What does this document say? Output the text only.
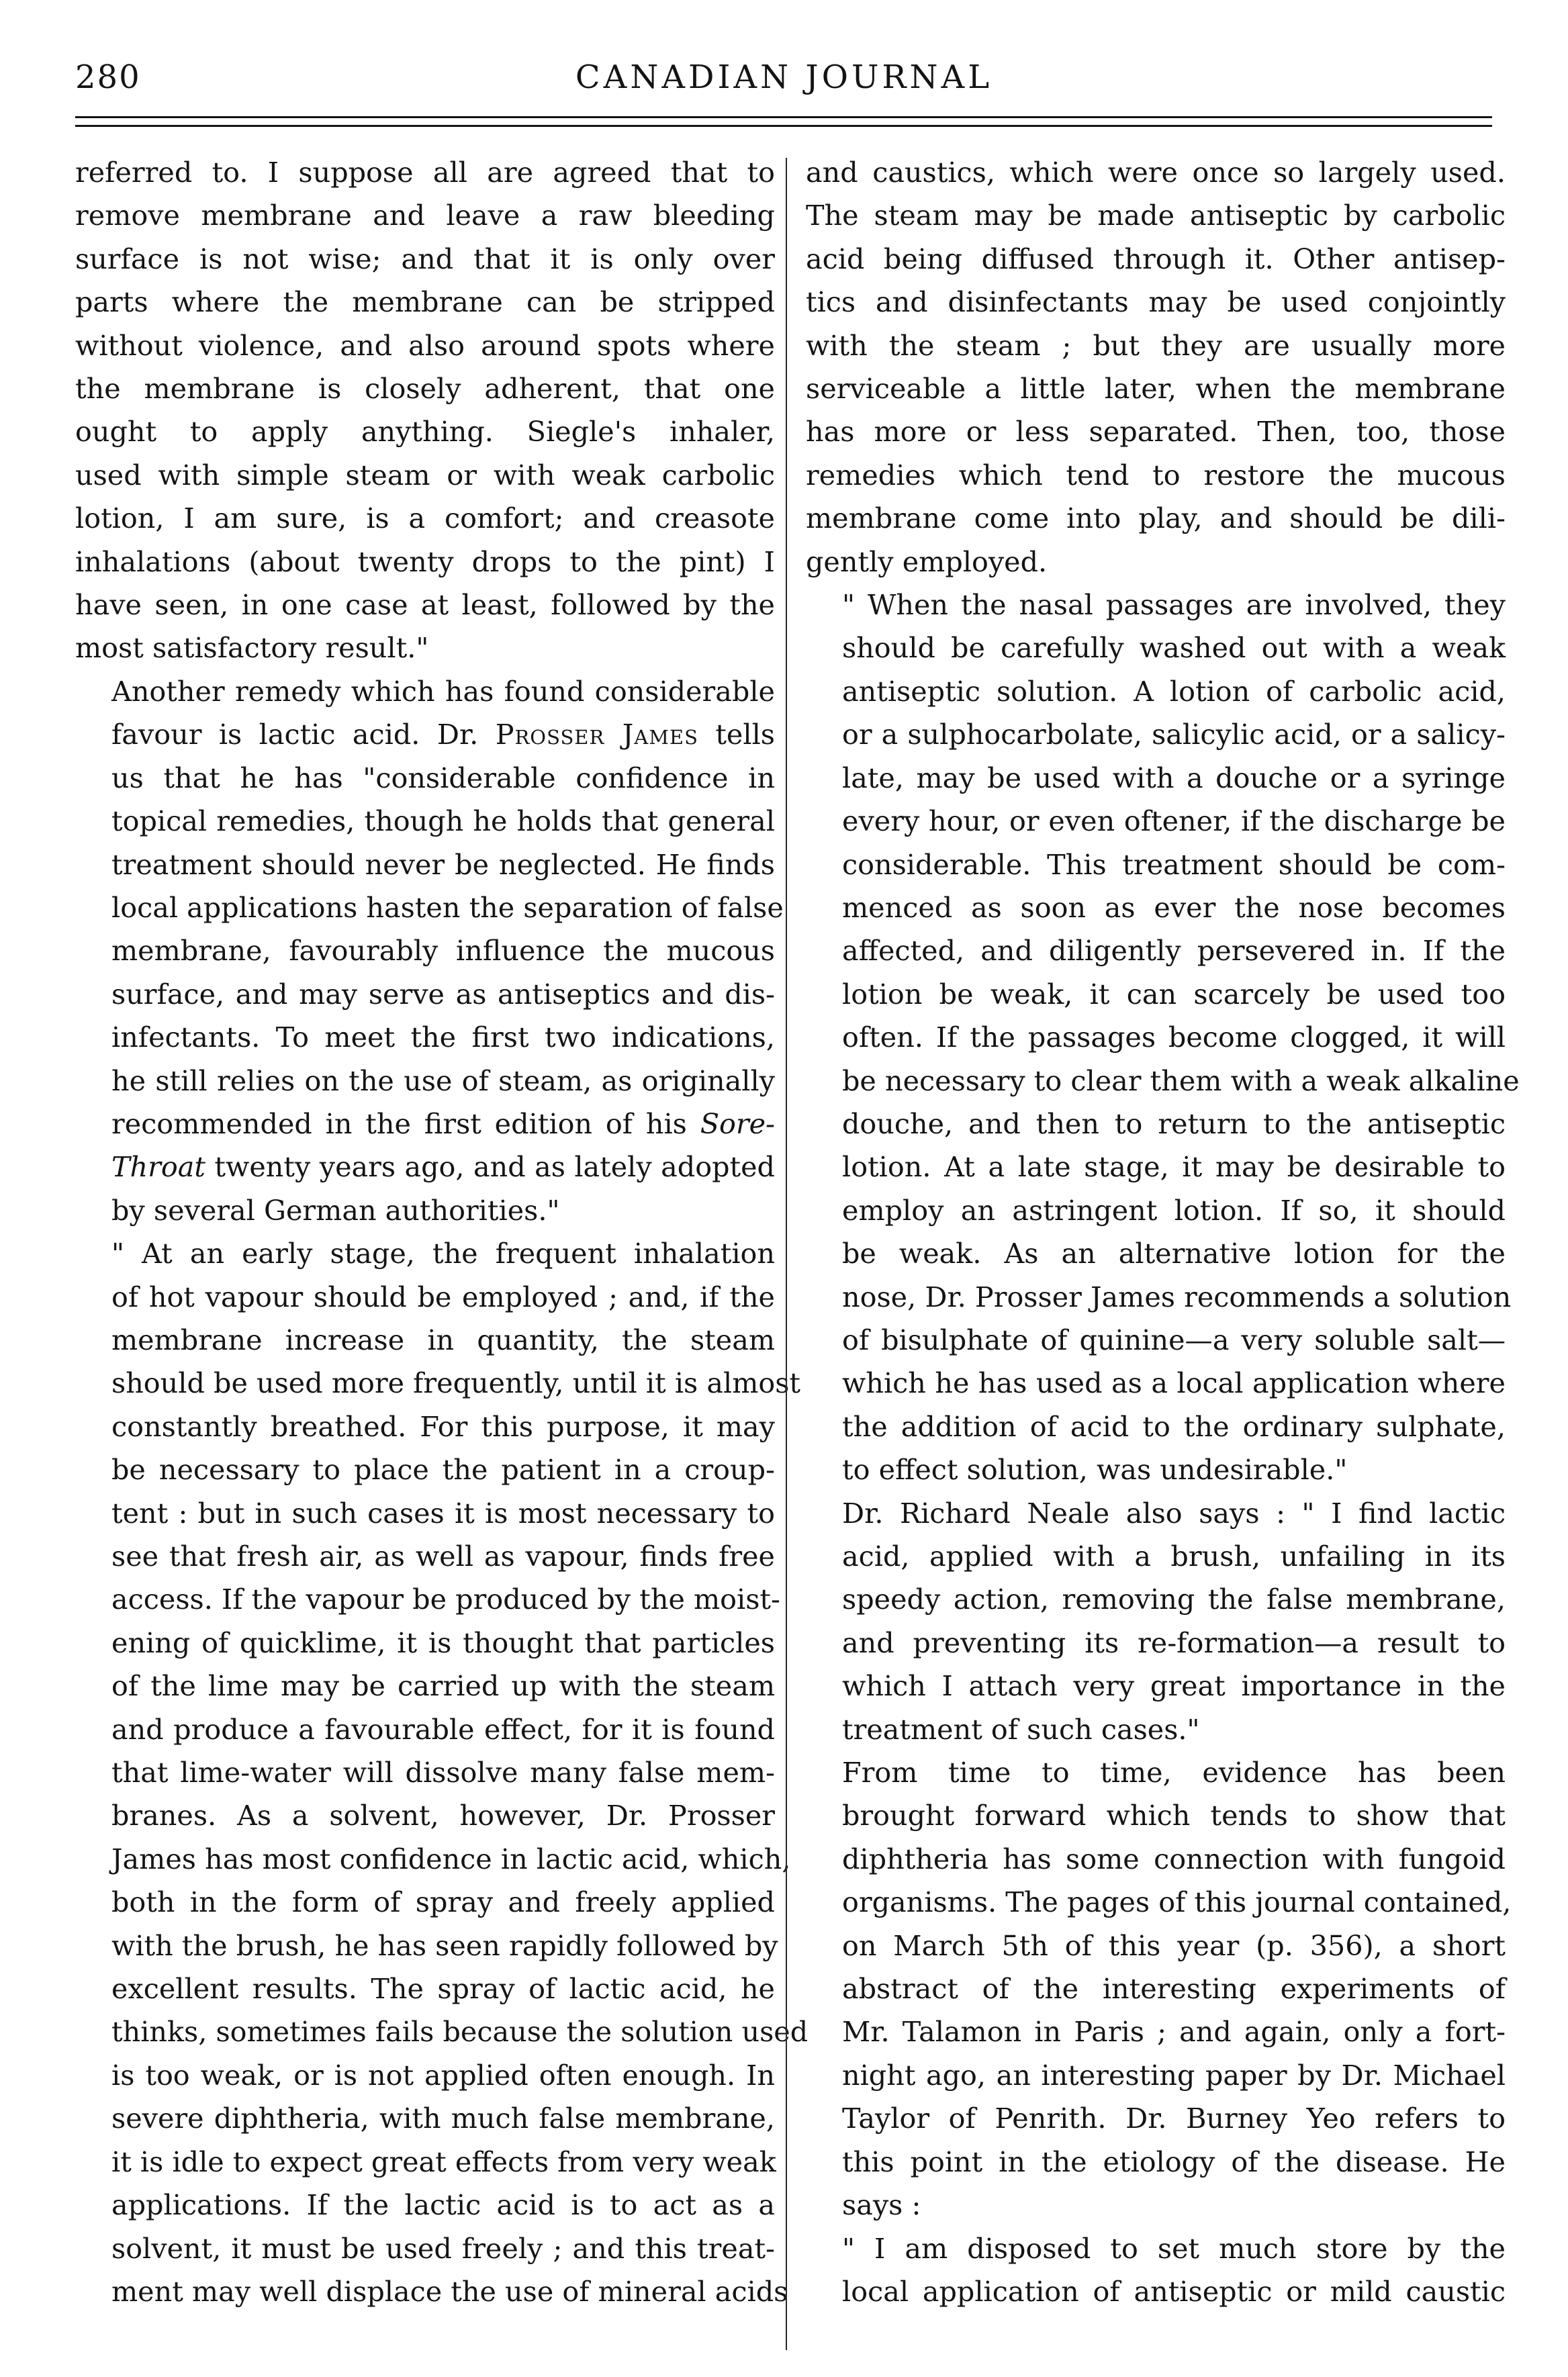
280	CANADIAN JOURNAL

referred to. I suppose all are agreed that to
remove membrane and leave a raw bleeding
surface is not wise; and that it is only over
parts where the membrane can be stripped
without violence, and also around spots where
the membrane is closely adherent, that one
ought to apply anything. Siegle's inhaler,
used with simple steam or with weak carbolic
lotion, I am sure, is a comfort; and creasote
inhalations (about twenty drops to the pint) I
have seen, in one case at least, followed by the
most satisfactory result."

Another remedy which has found considerable
favour is lactic acid. Dr. Prosser James tells
us that he has "considerable confidence in
topical remedies, though he holds that general
treatment should never be neglected. He finds
local applications hasten the separation of false
membrane, favourably influence the mucous
surface, and may serve as antiseptics and dis-
infectants. To meet the first two indications,
he still relies on the use of steam, as originally
recommended in the first edition of his Sore-
Throat twenty years ago, and as lately adopted
by several German authorities."

" At an early stage, the frequent inhalation
of hot vapour should be employed ; and, if the
membrane increase in quantity, the steam
should be used more frequently, until it is almost
constantly breathed. For this purpose, it may
be necessary to place the patient in a croup-
tent : but in such cases it is most necessary to
see that fresh air, as well as vapour, finds free
access. If the vapour be produced by the moist-
ening of quicklime, it is thought that particles
of the lime may be carried up with the steam
and produce a favourable effect, for it is found
that lime-water will dissolve many false mem-
branes. As a solvent, however, Dr. Prosser
James has most confidence in lactic acid, which,
both in the form of spray and freely applied
with the brush, he has seen rapidly followed by
excellent results. The spray of lactic acid, he
thinks, sometimes fails because the solution used
is too weak, or is not applied often enough. In
severe diphtheria, with much false membrane,
it is idle to expect great effects from very weak
applications. If the lactic acid is to act as a
solvent, it must be used freely ; and this treat-
ment may well displace the use of mineral acids

and caustics, which were once so largely used.
The steam may be made antiseptic by carbolic
acid being diffused through it. Other antisep-
tics and disinfectants may be used conjointly
with the steam ; but they are usually more
serviceable a little later, when the membrane
has more or less separated. Then, too, those
remedies which tend to restore the mucous
membrane come into play, and should be dili-
gently employed.

" When the nasal passages are involved, they
should be carefully washed out with a weak
antiseptic solution. A lotion of carbolic acid,
or a sulphocarbolate, salicylic acid, or a salicy-
late, may be used with a douche or a syringe
every hour, or even oftener, if the discharge be
considerable. This treatment should be com-
menced as soon as ever the nose becomes
affected, and diligently persevered in. If the
lotion be weak, it can scarcely be used too
often. If the passages become clogged, it will
be necessary to clear them with a weak alkaline
douche, and then to return to the antiseptic
lotion. At a late stage, it may be desirable to
employ an astringent lotion. If so, it should
be weak. As an alternative lotion for the
nose, Dr. Prosser James recommends a solution
of bisulphate of quinine—a very soluble salt—
which he has used as a local application where
the addition of acid to the ordinary sulphate,
to effect solution, was undesirable."

Dr. Richard Neale also says : " I find lactic
acid, applied with a brush, unfailing in its
speedy action, removing the false membrane,
and preventing its re-formation—a result to
which I attach very great importance in the
treatment of such cases."

From time to time, evidence has been
brought forward which tends to show that
diphtheria has some connection with fungoid
organisms. The pages of this journal contained,
on March 5th of this year (p. 356), a short
abstract of the interesting experiments of
Mr. Talamon in Paris ; and again, only a fort-
night ago, an interesting paper by Dr. Michael
Taylor of Penrith. Dr. Burney Yeo refers to
this point in the etiology of the disease. He
says :

" I am disposed to set much store by the
local application of antiseptic or mild caustic
